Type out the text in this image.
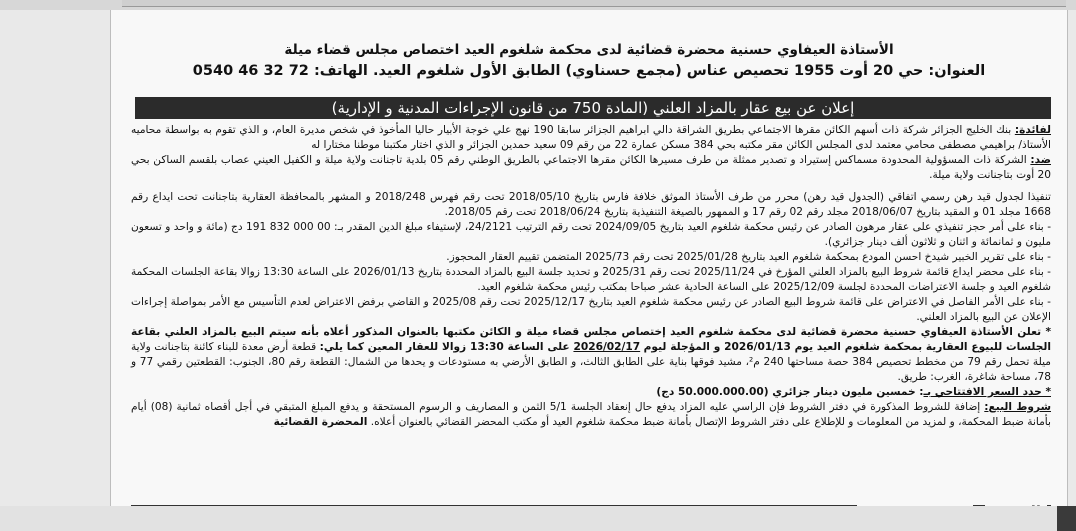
الأستاذة العيفاوي حسنية محضرة قضائية لدى محكمة شلغوم العيد اختصاص مجلس قضاء ميلة
العنوان: حي 20 أوت 1955 تحصيص عناس (مجمع حسناوي) الطابق الأول شلغوم العيد. الهاتف: 72 32 46 0540
إعلان عن بيع عقار بالمزاد العلني (المادة 750 من قانون الإجراءات المدنية و الإدارية)

لفائدة: بنك الخليج الجزائر شركة ذات أسهم الكائن مقرها الاجتماعي بطريق الشراقة دالي ابراهيم الجزائر سابقا 190 نهج علي خوجة الأبيار حاليا المأخوذ في شخص مديرة العام، و الذي تقوم به بواسطة محاميه الأستاذ/ براهيمي مصطفى محامي معتمد لدى المجلس الكائن مقر مكتبه بحي 384 مسكن عمارة 22 من رقم 09 سعيد حمدين الجزائر و الذي اختار مكتبنا موطنا مختارا له

ضد: الشركة ذات المسؤولية المحدودة مسماكس إستيراد و تصدير ممثلة من طرف مسيرها الكائن مقرها الاجتماعي بالطريق الوطني رقم 05 بلدية تاجنانت ولاية ميلة و الكفيل العيني عصاب بلقسم الساكن بحي 20 أوت بتاجنانت ولاية ميلة.

تنفيذا لجدول قيد رهن رسمي اتفاقي (الجدول قيد رهن) محرر من طرف الأستاذ الموثق خلافة فارس بتاريخ 2018/05/10 تحت رقم فهرس 2018/248 و المشهر بالمحافظة العقارية بتاجنانت تحت ايداع رقم 1668 مجلد 01 و المقيد بتاريخ 2018/06/07 مجلد رقم 02 رقم 17 و الممهور بالصيغة التنفيذية بتاريخ 2018/06/24 تحت رقم 2018/05.

- بناء على أمر حجز تنفيذي على عقار مرهون الصادر عن رئيس محكمة شلغوم العيد بتاريخ 2024/09/05 تحت رقم الترتيب 24/2121، لإستيفاء مبلغ الدين المقدر بـ: 00 000 832 191 دج (مائة و واحد و تسعون مليون و ثمانمائة و اثنان و ثلاثون ألف دينار جزائري).

- بناء على تقرير الخبير شيدخ احسن المودع بمحكمة شلغوم العيد بتاريخ 2025/01/28 تحت رقم 2025/73 المتضمن تقييم العقار المحجوز.

- بناء على محضر ايداع قائمة شروط البيع بالمزاد العلني المؤرخ في 2025/11/24 تحت رقم 2025/31 و تحديد جلسة البيع بالمزاد المحددة بتاريخ 2026/01/13 على الساعة 13:30 زوالا بقاعة الجلسات المحكمة شلغوم العيد و جلسة الاعتراضات المحددة لجلسة 2025/12/09 على الساعة الحادية عشر صباحا بمكتب رئيس محكمة شلغوم العيد.

- بناء على الأمر الفاصل في الاعتراض على قائمة شروط البيع الصادر عن رئيس محكمة شلغوم العيد بتاريخ 2025/12/17 تحت رقم 2025/08 و القاضي برفض الاعتراض لعدم التأسيس مع الأمر بمواصلة إجراءات الإعلان عن البيع بالمزاد العلني.

* تعلن الأستاذة العيفاوي حسنية محضرة قضائية لدى محكمة شلغوم العيد إختصاص مجلس قضاء ميلة و الكائن مكتبها بالعنوان المذكور أعلاه بأنه سيتم البيع بالمزاد العلني بقاعة الجلسات للبيوع العقارية بمحكمة شلغوم العيد يوم 2026/01/13 و المؤجلة ليوم 2026/02/17 على الساعة 13:30 زوالا للعقار المعين كما يلي: قطعة أرض معدة للبناء كائنة بتاجنانت ولاية ميلة تحمل رقم 79 من مخطط تحصيص 384 حصة مساحتها 240 م²، مشيد فوقها بناية على الطابق الثالث، و الطابق الأرضي به مستودعات و يحدها من الشمال: القطعة رقم 80، الجنوب: القطعتين رقمي 77 و 78، مساحة شاغرة، الغرب: طريق.

* حدد السعر الافتتاحي بـ: خمسين مليون دينار جزائري (50.000.000.00 دج)

شروط البيع: إضافة للشروط المذكورة في دفتر الشروط فإن الراسي عليه المزاد يدفع حال إنعقاد الجلسة 5/1 الثمن و المصاريف و الرسوم المستحقة و يدفع المبلغ المتبقي في أجل أقصاه ثمانية (08) أيام بأمانة ضبط المحكمة، و لمزيد من المعلومات و للإطلاع على دفتر الشروط الإتصال بأمانة ضبط محكمة شلغوم العيد أو مكتب المحضر القضائي بالعنوان أعلاه. المحضرة القضائية
